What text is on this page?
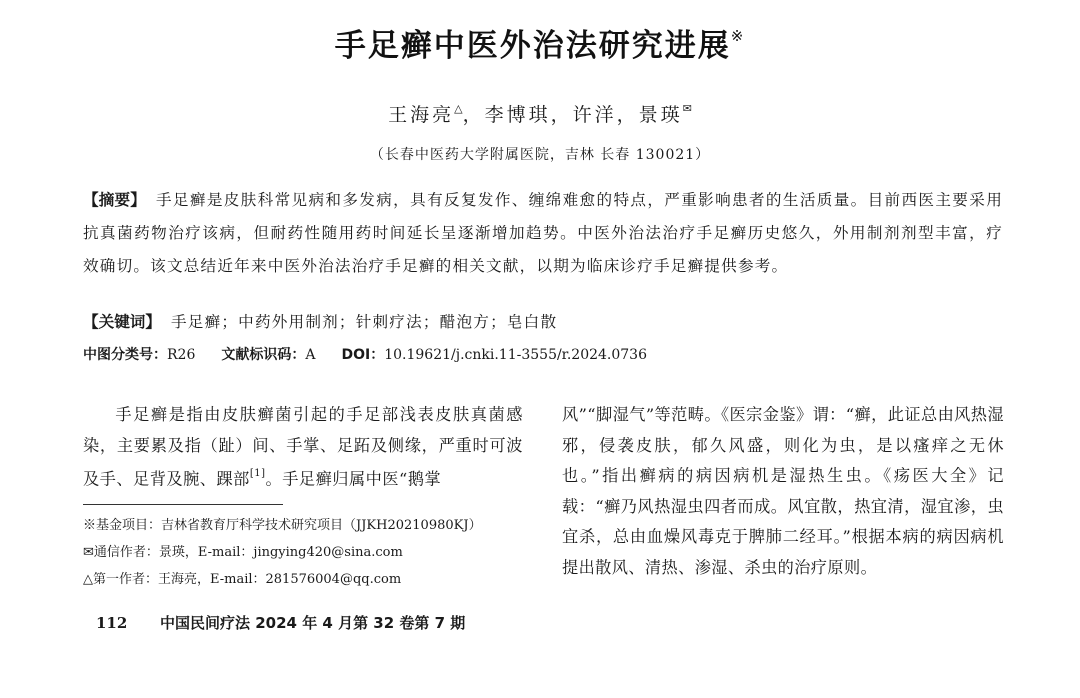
手足癣中医外治法研究进展※
王海亮△，李博琪，许洋，景瑛✉
（长春中医药大学附属医院，吉林 长春 130021）
【摘要】 手足癣是皮肤科常见病和多发病，具有反复发作、缠绵难愈的特点，严重影响患者的生活质量。目前西医主要采用抗真菌药物治疗该病，但耐药性随用药时间延长呈逐渐增加趋势。中医外治法治疗手足癣历史悠久，外用制剂剂型丰富，疗效确切。该文总结近年来中医外治法治疗手足癣的相关文献，以期为临床诊疗手足癣提供参考。
【关键词】 手足癣；中药外用制剂；针刺疗法；醋泡方；皂白散
中图分类号：R26 文献标识码：A DOI：10.19621/j.cnki.11-3555/r.2024.0736

手足癣是指由皮肤癣菌引起的手足部浅表皮肤真菌感染，主要累及指（趾）间、手掌、足跖及侧缘，严重时可波及手、足背及腕、踝部[1]。手足癣归属中医“鹅掌

风”“脚湿气”等范畴。《医宗金鉴》谓：“癣，此证总由风热湿邪，侵袭皮肤，郁久风盛，则化为虫，是以瘙痒之无休也。”指出癣病的病因病机是湿热生虫。《疡医大全》记载：“癣乃风热湿虫四者而成。风宜散，热宜清，湿宜渗，虫宜杀，总由血燥风毒克于脾肺二经耳。”根据本病的病因病机提出散风、清热、渗湿、杀虫的治疗原则。

※基金项目：吉林省教育厅科学技术研究项目（JJKH20210980KJ）
✉通信作者：景瑛，E-mail：jingying420@sina.com
△第一作者：王海亮，E-mail：281576004@qq.com
112 中国民间疗法 2024 年 4 月第 32 卷第 7 期
